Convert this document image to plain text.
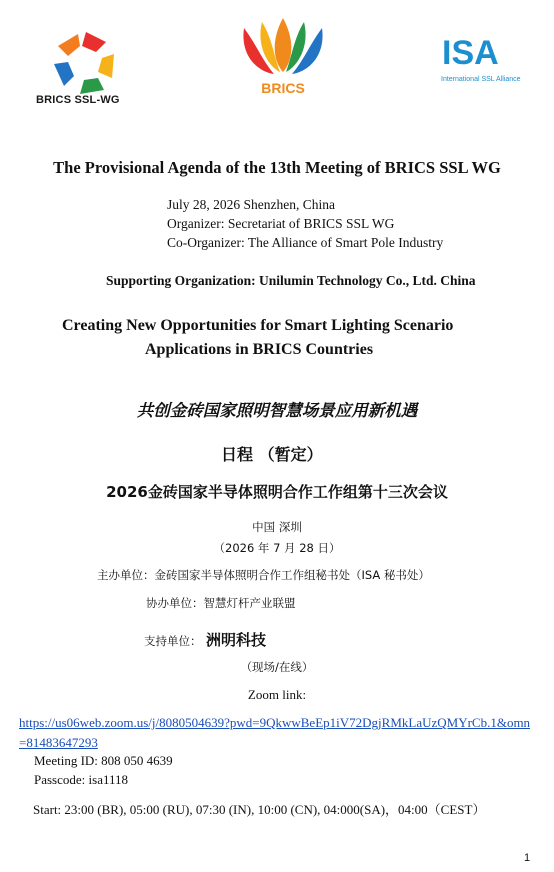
BRICS SSL-WG
BRICS
ISA
International SSL Alliance
The Provisional Agenda of the 13th Meeting of BRICS SSL WG
July 28, 2026 Shenzhen, China
Organizer: Secretariat of BRICS SSL WG
Co-Organizer: The Alliance of Smart Pole Industry
Supporting Organization: Unilumin Technology Co., Ltd. China
Creating New Opportunities for Smart Lighting Scenario
Applications in BRICS Countries
共创金砖国家照明智慧场景应用新机遇
日程 （暂定）
2026金砖国家半导体照明合作工作组第十三次会议
中国 深圳
（2026 年 7 月 28 日）
主办单位：金砖国家半导体照明合作工作组秘书处（ISA 秘书处）
协办单位：智慧灯杆产业联盟
支持单位： 洲明科技
（现场/在线）
Zoom link:
https://us06web.zoom.us/j/8080504639?pwd=9QkwwBeEp1iV72DgjRMkLaUzQMYrCb.1&omn=81483647293
Meeting ID: 808 050 4639
Passcode: isa1118
Start: 23:00 (BR), 05:00 (RU), 07:30 (IN), 10:00 (CN), 04:000(SA)，04:00（CEST）
1
